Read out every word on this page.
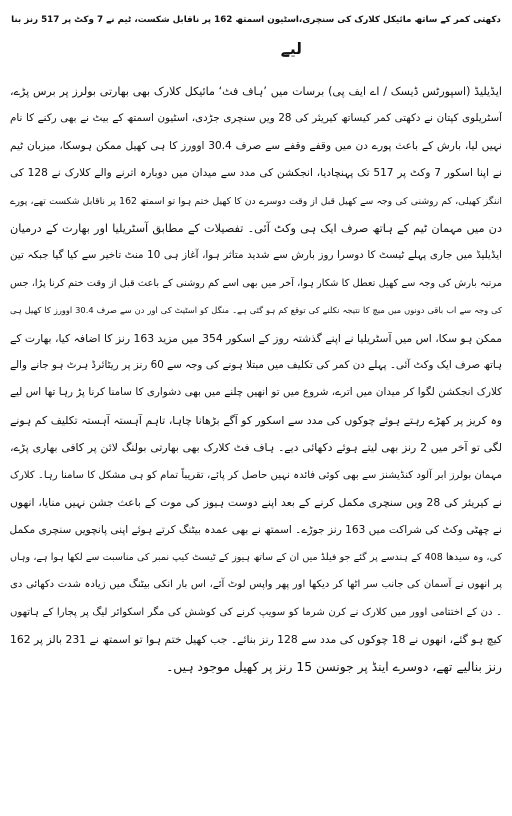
دکھتی کمر کے ساتھ مائیکل کلارک کی سنچری،اسٹیون اسمتھ 162 پر ناقابل شکست، ٹیم نے 7 وکٹ پر 517 رنز بنا
لیے
ایڈیلیڈ (اسپورٹس ڈیسک / اے ایف پی) برسات میں ’ہاف فٹ‘ مائیکل کلارک بھی بھارتی بولرز پر برس پڑے،
آسٹریلوی کپتان نے دکھتی کمر کیساتھ کیریئر کی 28 ویں سنچری جڑدی، اسٹیون اسمتھ کے بیٹ نے بھی رکنے کا نام
نہیں لیا، بارش کے باعث پورے دن میں وقفے وقفے سے صرف 30.4 اوورز کا ہی کھیل ممکن ہوسکا، میزبان ٹیم
نے اپنا اسکور 7 وکٹ پر 517 تک پہنچادیا، انجکشن کی مدد سے میدان میں دوبارہ اترنے والے کلارک نے 128 کی
اننگز کھیلی، کم روشنی کی وجہ سے کھیل قبل از وقت دوسرے دن کا کھیل ختم ہوا تو اسمتھ 162 پر ناقابل شکست تھے، پورے
دن میں مہمان ٹیم کے ہاتھ صرف ایک ہی وکٹ آئی۔ تفصیلات کے مطابق آسٹریلیا اور بھارت کے درمیان
ایڈیلیڈ میں جاری پہلے ٹیسٹ کا دوسرا روز بارش سے شدید متاثر ہوا، آغاز ہی 10 منٹ تاخیر سے کیا گیا جبکہ تین
مرتبہ بارش کی وجہ سے کھیل تعطل کا شکار ہوا، آخر میں بھی اسے کم روشنی کے باعث قبل از وقت ختم کرنا پڑا، جس
کی وجہ سے اب باقی دونوں میں میچ کا نتیجہ نکلنے کی توقع کم ہو گئی ہے۔ منگل کو اسٹیٹ کی اور دن سے صرف 30.4 اوورز کا کھیل ہی
ممکن ہو سکا، اس میں آسٹریلیا نے اپنے گذشتہ روز کے اسکور 354 میں مزید 163 رنز کا اضافہ کیا، بھارت کے
ہاتھ صرف ایک وکٹ آئی۔ پہلے دن کمر کی تکلیف میں مبتلا ہونے کی وجہ سے 60 رنز پر ریٹائرڈ ہرٹ ہو جانے والے
کلارک انجکشن لگوا کر میدان میں اترے، شروع میں تو انھیں چلنے میں بھی دشواری کا سامنا کرنا پڑ رہا تھا اس لیے
وہ کریز پر کھڑے رہتے ہوئے چوکوں کی مدد سے اسکور کو آگے بڑھانا چاہا، تاہم آہستہ آہستہ تکلیف کم ہونے
لگی تو آخر میں 2 رنز بھی لیتے ہوئے دکھائی دیے۔ ہاف فٹ کلارک بھی بھارتی بولنگ لائن پر کافی بھاری پڑے،
مہمان بولرز ابر آلود کنڈیشنز سے بھی کوئی فائدہ نہیں حاصل کر پائے، تقریباً تمام کو ہی مشکل کا سامنا رہا۔ کلارک
نے کیریئر کی 28 ویں سنچری مکمل کرنے کے بعد اپنے دوست ہیوز کی موت کے باعث جشن نہیں منایا، انھوں
نے چھٹی وکٹ کی شراکت میں 163 رنز جوڑے۔ اسمتھ نے بھی عمدہ بیٹنگ کرتے ہوئے اپنی پانچویں سنچری مکمل
کی، وہ سیدھا 408 کے ہندسے پر گئے جو فیلڈ میں ان کے ساتھ ہیوز کے ٹیسٹ کیپ نمبر کی مناسبت سے لکھا ہوا ہے، وہاں
پر انھوں نے آسمان کی جانب سر اٹھا کر دیکھا اور پھر واپس لوٹ آئے، اس بار انکی بیٹنگ میں زیادہ شدت دکھائی دی
۔ دن کے اختتامی اوور میں کلارک نے کرن شرما کو سویپ کرنے کی کوشش کی مگر اسکوائر لیگ پر پجارا کے ہاتھوں
کیچ ہو گئے، انھوں نے 18 چوکوں کی مدد سے 128 رنز بنائے۔ جب کھیل ختم ہوا تو اسمتھ نے 231 بالز پر 162
رنز بنالیے تھے، دوسرے اینڈ پر جونسن 15 رنز پر کھیل موجود ہیں۔
